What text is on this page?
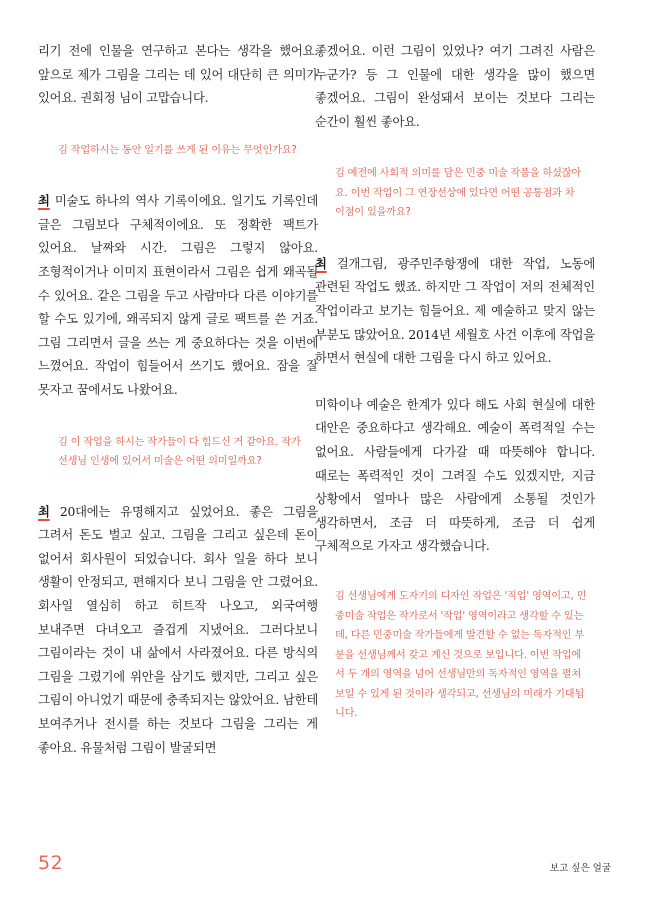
리기 전에 인물을 연구하고 본다는 생각을 했어요. 앞으로 제가 그림을 그리는 데 있어 대단히 큰 의미가 있어요. 권회정 님이 고맙습니다.

김 작업하시는 동안 일기를 쓰게 된 이유는 무엇인가요?

최 미술도 하나의 역사 기록이에요. 일기도 기록인데 글은 그림보다 구체적이에요. 또 정확한 팩트가 있어요. 날짜와 시간. 그림은 그렇지 않아요. 조형적이거나 이미지 표현이라서 그림은 쉽게 왜곡될 수 있어요. 같은 그림을 두고 사람마다 다른 이야기를 할 수도 있기에, 왜곡되지 않게 글로 팩트를 쓴 거죠. 그림 그리면서 글을 쓰는 게 중요하다는 것을 이번에 느꼈어요. 작업이 힘들어서 쓰기도 했어요. 잠을 잘 못자고 꿈에서도 나왔어요.

김 이 작업을 하시는 작가들이 다 힘드신 거 같아요. 작가 선생님 인생에 있어서 미술은 어떤 의미일까요?

최 20대에는 유명해지고 싶었어요. 좋은 그림을 그려서 돈도 벌고 싶고. 그림을 그리고 싶은데 돈이 없어서 회사원이 되었습니다. 회사 일을 하다 보니 생활이 안정되고, 편해지다 보니 그림을 안 그렸어요. 회사일 열심히 하고 히트작 나오고, 외국여행 보내주면 다녀오고 즐겁게 지냈어요. 그러다보니 그림이라는 것이 내 삶에서 사라졌어요. 다른 방식의 그림을 그렸기에 위안을 삼기도 했지만, 그리고 싶은 그림이 아니었기 때문에 충족되지는 않았어요. 남한테 보여주거나 전시를 하는 것보다 그림을 그리는 게 좋아요. 유물처럼 그림이 발굴되면

좋겠어요. 이런 그림이 있었나? 여기 그려진 사람은 누군가? 등 그 인물에 대한 생각을 많이 했으면 좋겠어요. 그림이 완성돼서 보이는 것보다 그리는 순간이 훨씬 좋아요.

김 예전에 사회적 의미를 담은 민중 미술 작품을 하셨잖아요. 이번 작업이 그 연장선상에 있다면 어떤 공통점과 차이점이 있을까요?

최 걸개그림, 광주민주항쟁에 대한 작업, 노동에 관련된 작업도 했죠. 하지만 그 작업이 저의 전체적인 작업이라고 보기는 힘들어요. 제 예술하고 맞지 않는 부분도 많았어요. 2014년 세월호 사건 이후에 작업을 하면서 현실에 대한 그림을 다시 하고 있어요.

미학이나 예술은 한계가 있다 해도 사회 현실에 대한 대안은 중요하다고 생각해요. 예술이 폭력적일 수는 없어요. 사람들에게 다가갈 때 따뜻해야 합니다. 때로는 폭력적인 것이 그려질 수도 있겠지만, 지금 상황에서 얼마나 많은 사람에게 소통될 것인가 생각하면서, 조금 더 따뜻하게, 조금 더 쉽게 구체적으로 가자고 생각했습니다.

김 선생님에게 도자기의 디자인 작업은 '직업' 영역이고, 민중미술 작업은 작가로서 '작업' 영역이라고 생각할 수 있는데, 다른 민중미술 작가들에게 발견할 수 없는 독자적인 부분을 선생님께서 갖고 계신 것으로 보입니다. 이번 작업에서 두 개의 영역을 넘어 선생님만의 독자적인 영역을 펼쳐 보일 수 있게 된 것이라 생각되고, 선생님의 미래가 기대됩니다.

52	보고 싶은 얼굴
